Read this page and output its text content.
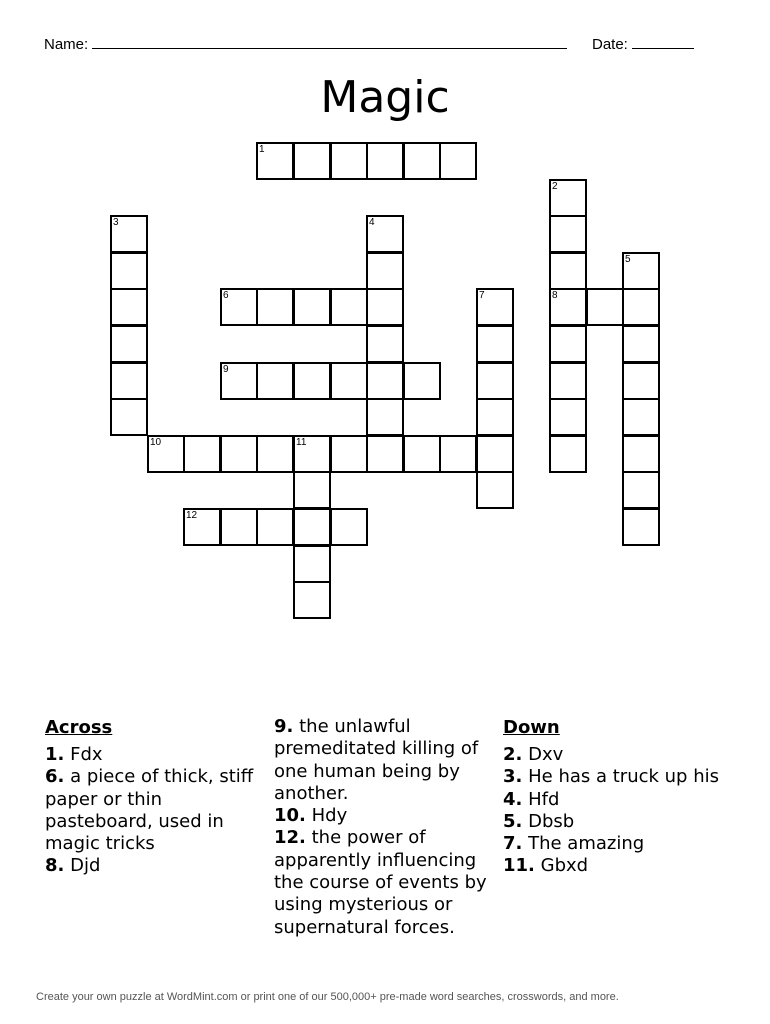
Name:	Date:
Magic
1
2
3	4
5
6	7	8
9
10	11
12
Across
1. Fdx
6. a piece of thick, stiff paper or thin pasteboard, used in magic tricks
8. Djd
9. the unlawful premeditated killing of one human being by another.
10. Hdy
12. the power of apparently influencing the course of events by using mysterious or supernatural forces.
Down
2. Dxv
3. He has a truck up his
4. Hfd
5. Dbsb
7. The amazing
11. Gbxd
Create your own puzzle at WordMint.com or print one of our 500,000+ pre-made word searches, crosswords, and more.
